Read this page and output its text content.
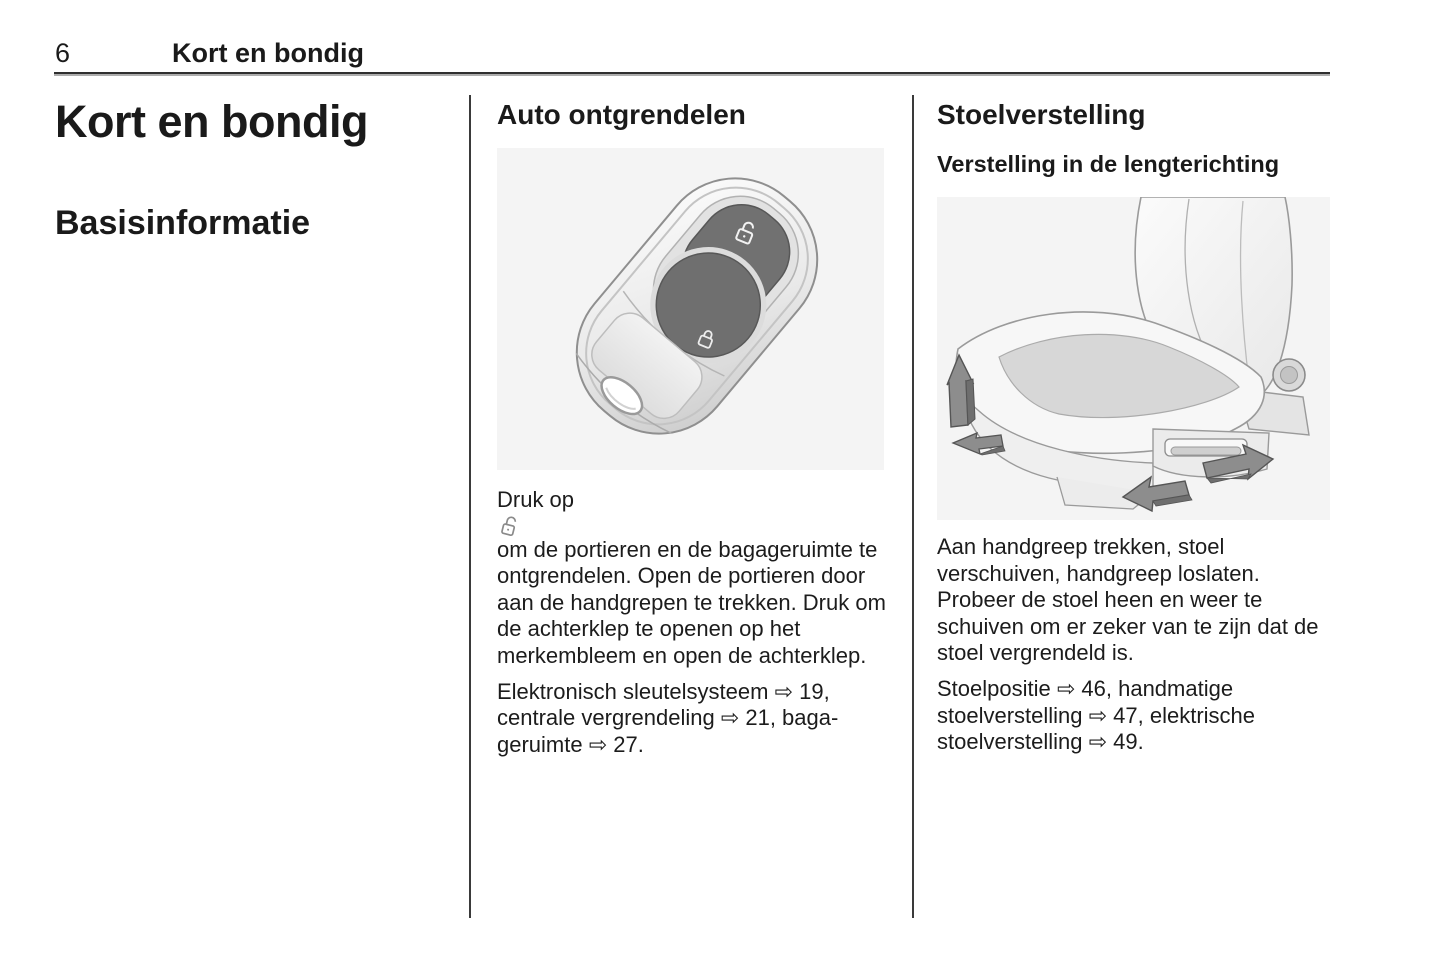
6	Kort en bondig
Kort en bondig
Basisinformatie
Auto ontgrendelen

Druk op
om de portieren en de bagageruimte te ontgrendelen. Open de portieren door aan de handgrepen te trekken. Druk om de achterklep te openen op het merkembleem en open de achterklep.

Elektronisch sleutelsysteem ⇨ 19, centrale vergrendeling ⇨ 21, bagageruimte ⇨ 27.

Stoelverstelling
Verstelling in de lengterichting

Aan handgreep trekken, stoel verschuiven, handgreep loslaten. Probeer de stoel heen en weer te schuiven om er zeker van te zijn dat de stoel vergrendeld is.

Stoelpositie ⇨ 46, handmatige stoelverstelling ⇨ 47, elektrische stoelverstelling ⇨ 49.
